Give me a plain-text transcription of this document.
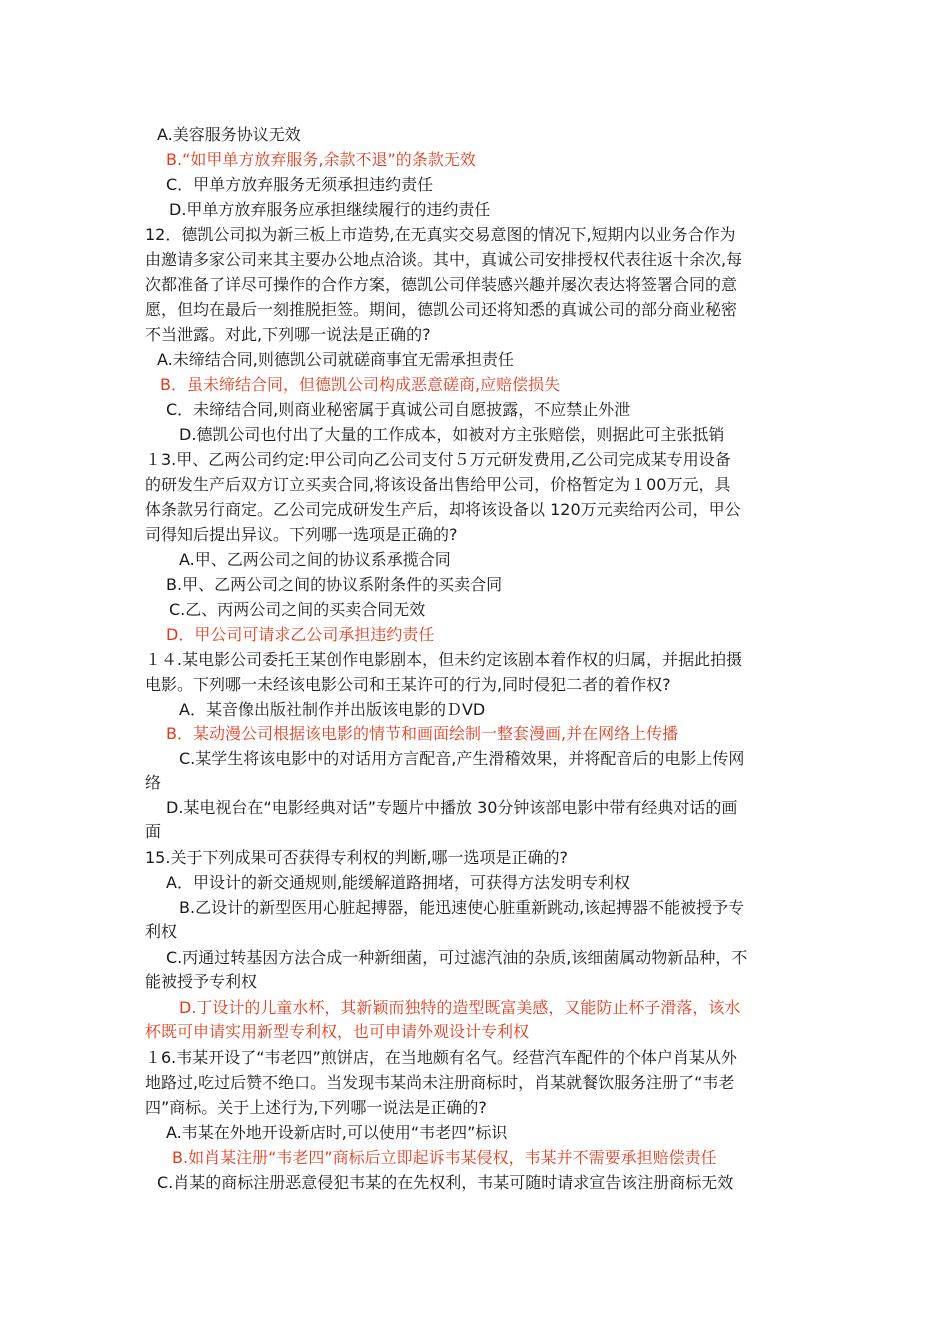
A.美容服务协议无效
B.“如甲单方放弃服务,余款不退”的条款无效
C．甲单方放弃服务无须承担违约责任
D.甲单方放弃服务应承担继续履行的违约责任
12．德凯公司拟为新三板上市造势,在无真实交易意图的情况下,短期内以业务合作为
由邀请多家公司来其主要办公地点洽谈。其中，真诚公司安排授权代表往返十余次,每
次都准备了详尽可操作的合作方案，德凯公司佯装感兴趣并屡次表达将签署合同的意
愿，但均在最后一刻推脱拒签。期间，德凯公司还将知悉的真诚公司的部分商业秘密
不当泄露。对此,下列哪一说法是正确的?
A.未缔结合同,则德凯公司就磋商事宜无需承担责任
B．虽未缔结合同，但德凯公司构成恶意磋商,应赔偿损失
C．未缔结合同,则商业秘密属于真诚公司自愿披露，不应禁止外泄
D.德凯公司也付出了大量的工作成本，如被对方主张赔偿，则据此可主张抵销
１3.甲、乙两公司约定:甲公司向乙公司支付５万元研发费用,乙公司完成某专用设备
的研发生产后双方订立买卖合同,将该设备出售给甲公司，价格暂定为１00万元，具
体条款另行商定。乙公司完成研发生产后，却将该设备以 120万元卖给丙公司，甲公
司得知后提出异议。下列哪一选项是正确的?
A.甲、乙两公司之间的协议系承揽合同
B.甲、乙两公司之间的协议系附条件的买卖合同
C.乙、丙两公司之间的买卖合同无效
D．甲公司可请求乙公司承担违约责任
１４.某电影公司委托王某创作电影剧本，但未约定该剧本着作权的归属，并据此拍摄
电影。下列哪一未经该电影公司和王某许可的行为,同时侵犯二者的着作权?
A．某音像出版社制作并出版该电影的ＤVD
B．某动漫公司根据该电影的情节和画面绘制一整套漫画,并在网络上传播
C.某学生将该电影中的对话用方言配音,产生滑稽效果，并将配音后的电影上传网
络
D.某电视台在“电影经典对话”专题片中播放 30分钟该部电影中带有经典对话的画
面
15.关于下列成果可否获得专利权的判断,哪一选项是正确的?
A．甲设计的新交通规则,能缓解道路拥堵，可获得方法发明专利权
B.乙设计的新型医用心脏起搏器，能迅速使心脏重新跳动,该起搏器不能被授予专
利权
C.丙通过转基因方法合成一种新细菌，可过滤汽油的杂质,该细菌属动物新品种，不
能被授予专利权
D.丁设计的儿童水杯，其新颖而独特的造型既富美感，又能防止杯子滑落，该水
杯既可申请实用新型专利权，也可申请外观设计专利权
１6.韦某开设了“韦老四”煎饼店，在当地颇有名气。经营汽车配件的个体户肖某从外
地路过,吃过后赞不绝口。当发现韦某尚未注册商标时，肖某就餐饮服务注册了“韦老
四”商标。关于上述行为,下列哪一说法是正确的?
A.韦某在外地开设新店时,可以使用“韦老四”标识
B.如肖某注册“韦老四”商标后立即起诉韦某侵权，韦某并不需要承担赔偿责任
C.肖某的商标注册恶意侵犯韦某的在先权利，韦某可随时请求宣告该注册商标无效
